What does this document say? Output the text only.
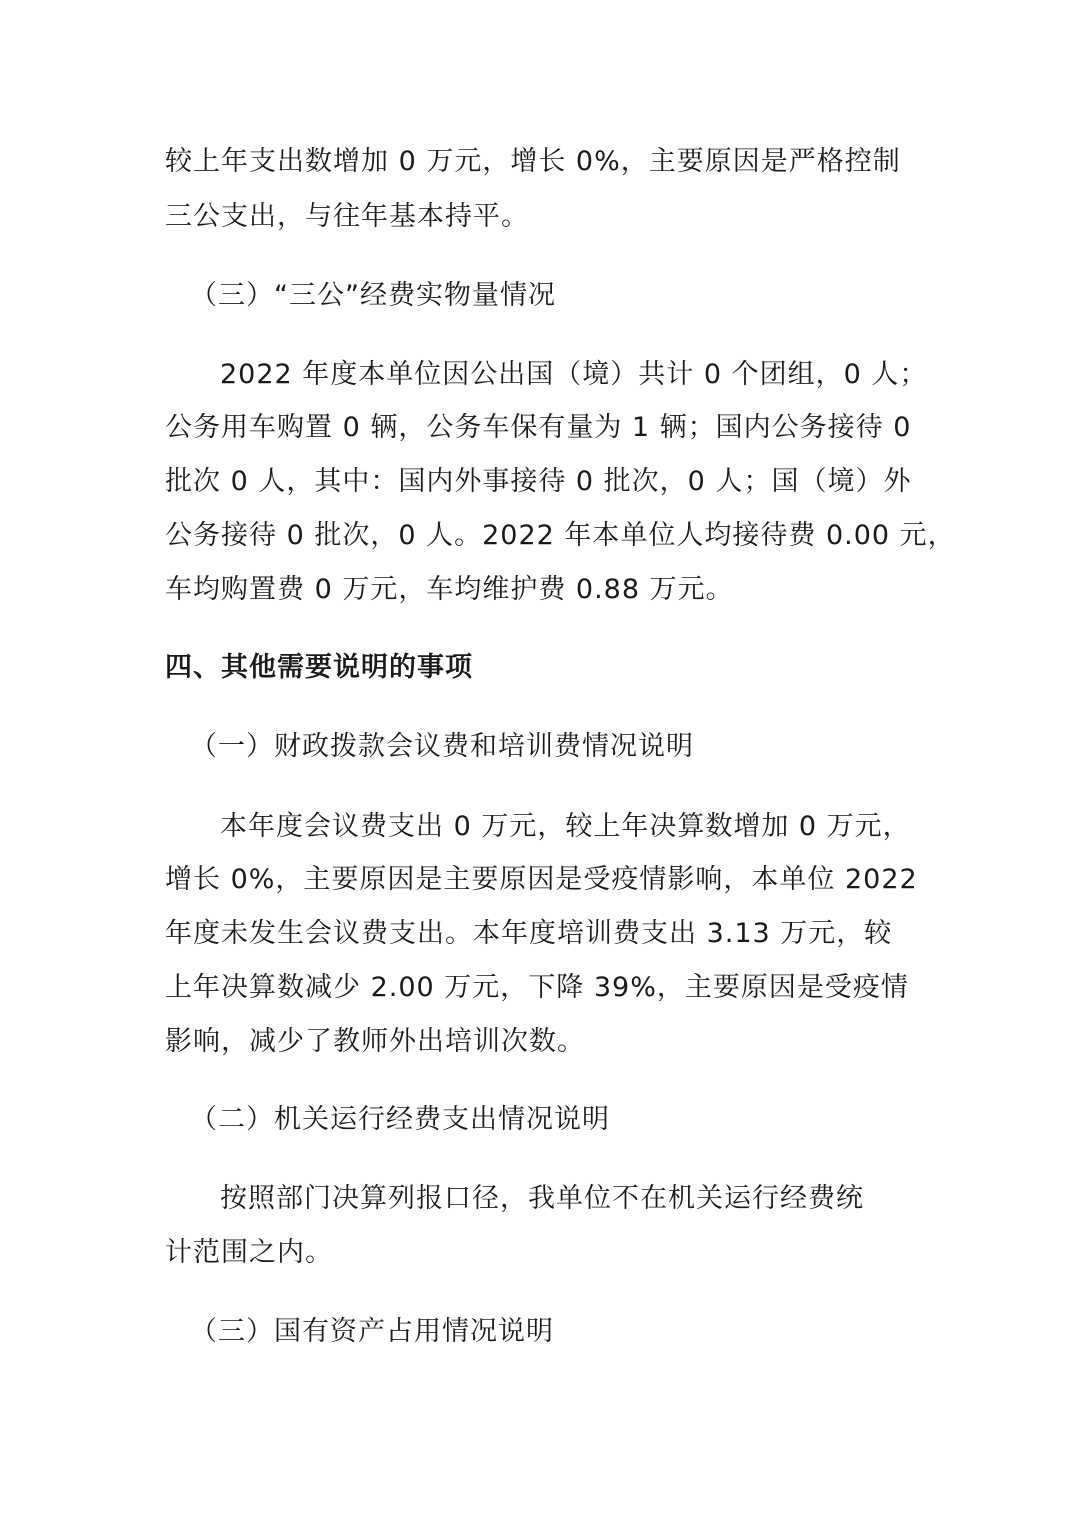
较上年支出数增加 0 万元，增长 0%，主要原因是严格控制
三公支出，与往年基本持平。
（三）“三公”经费实物量情况
2022 年度本单位因公出国（境）共计 0 个团组，0 人；
公务用车购置 0 辆，公务车保有量为 1 辆；国内公务接待 0
批次 0 人，其中：国内外事接待 0 批次，0 人；国（境）外
公务接待 0 批次，0 人。2022 年本单位人均接待费 0.00 元，
车均购置费 0 万元，车均维护费 0.88 万元。
四、其他需要说明的事项
（一）财政拨款会议费和培训费情况说明
本年度会议费支出 0 万元，较上年决算数增加 0 万元，
增长 0%，主要原因是主要原因是受疫情影响，本单位 2022
年度未发生会议费支出。本年度培训费支出 3.13 万元，较
上年决算数减少 2.00 万元，下降 39%，主要原因是受疫情
影响，减少了教师外出培训次数。
（二）机关运行经费支出情况说明
按照部门决算列报口径，我单位不在机关运行经费统
计范围之内。
（三）国有资产占用情况说明
